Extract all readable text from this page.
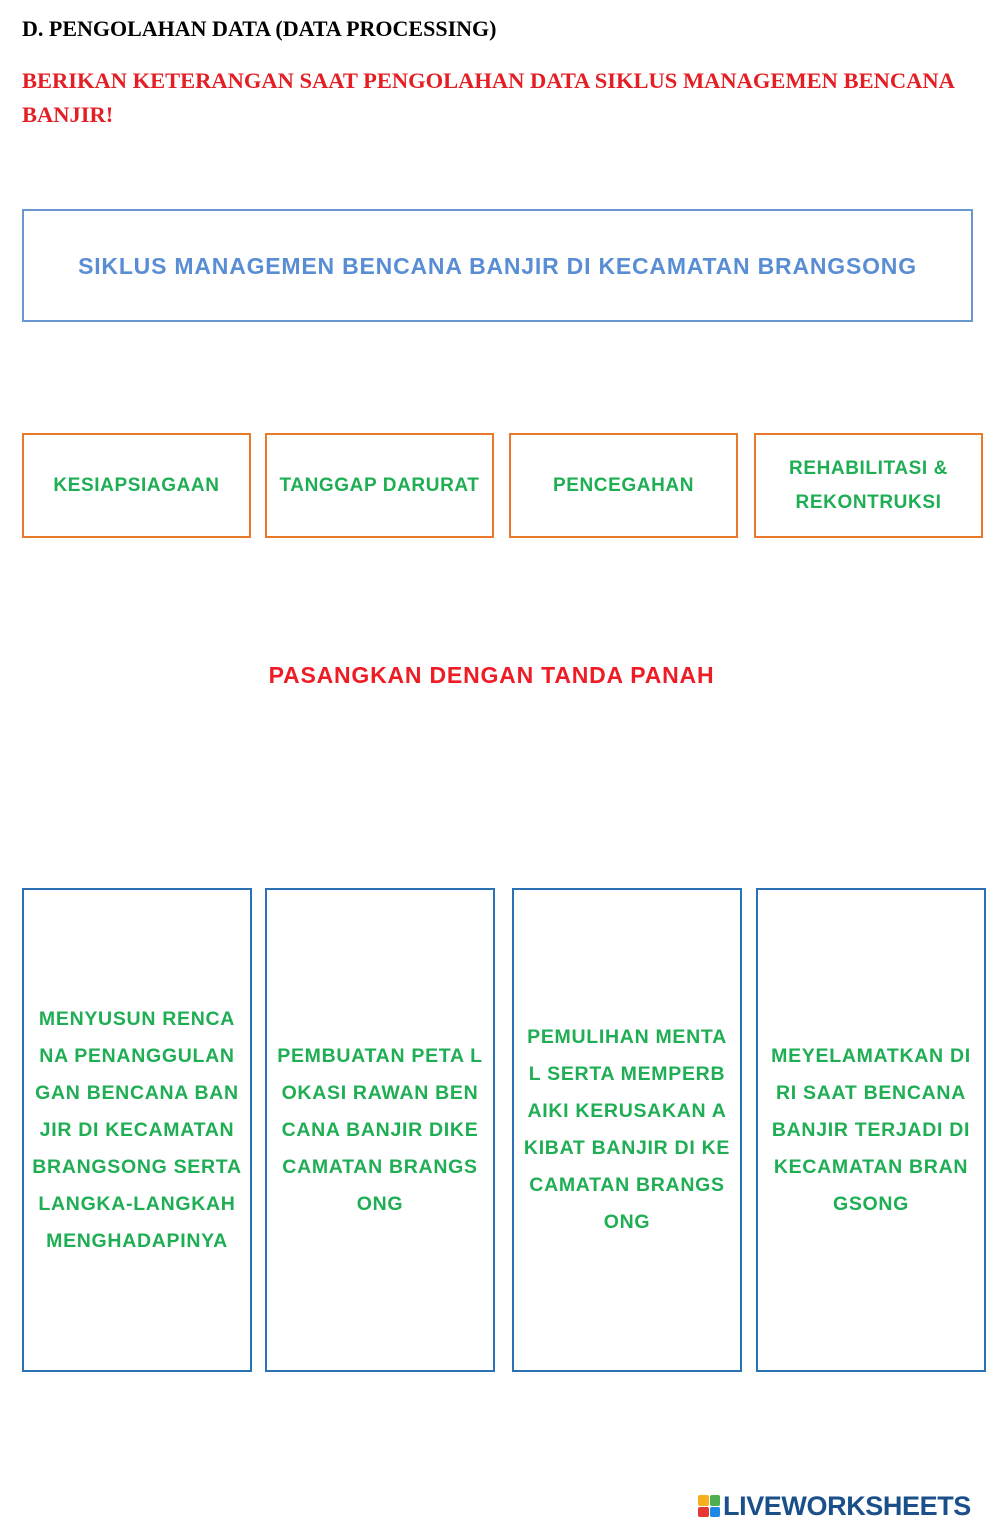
D. PENGOLAHAN DATA (DATA PROCESSING)

BERIKAN KETERANGAN SAAT PENGOLAHAN DATA SIKLUS MANAGEMEN BENCANA BANJIR!

SIKLUS MANAGEMEN BENCANA BANJIR DI KECAMATAN BRANGSONG
KESIAPSIAGAAN	TANGGAP DARURAT	PENCEGAHAN
REHABILITASI & REKONTRUKSI

PASANGKAN DENGAN TANDA PANAH

MENYUSUN RENCANA PENANGGULANGAN BENCANA BANJIR DI KECAMATAN BRANGSONG SERTA LANGKA-LANGKAH MENGHADAPINYA
PEMBUATAN PETA LOKASI RAWAN BENCANA BANJIR DIKECAMATAN BRANGSONG
PEMULIHAN MENTAL SERTA MEMPERBAIKI KERUSAKAN AKIBAT BANJIR DI KECAMATAN BRANGSONG
MEYELAMATKAN DIRI SAAT BENCANA BANJIR TERJADI DI KECAMATAN BRANGSONG
LIVEWORKSHEETS
